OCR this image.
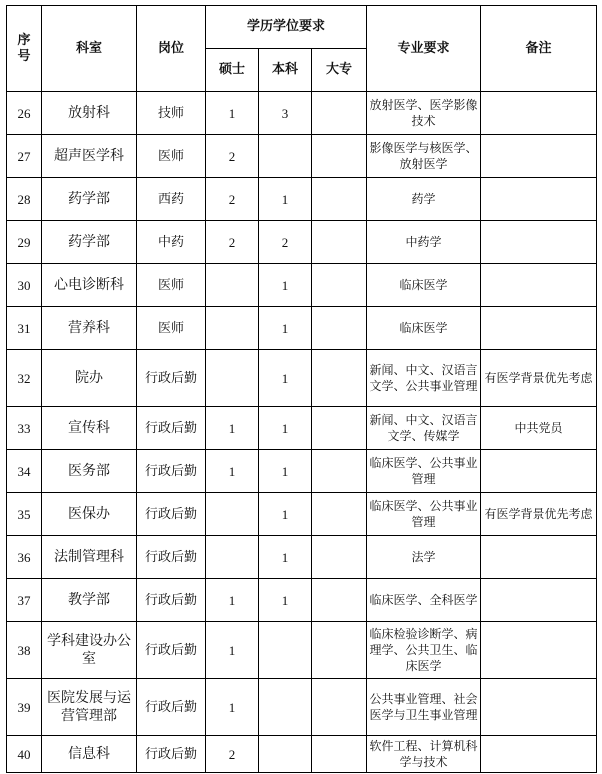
序号	科室	岗位	学历学位要求			专业要求	备注
			硕士	本科	大专		
26	放射科	技师	1	3		放射医学、医学影像技术	
27	超声医学科	医师	2			影像医学与核医学、放射医学	
28	药学部	西药	2	1		药学	
29	药学部	中药	2	2		中药学	
30	心电诊断科	医师		1		临床医学	
31	营养科	医师		1		临床医学	
32	院办	行政后勤		1		新闻、中文、汉语言文学、公共事业管理	有医学背景优先考虑
33	宣传科	行政后勤	1	1		新闻、中文、汉语言文学、传媒学	中共党员
34	医务部	行政后勤	1	1		临床医学、公共事业管理	
35	医保办	行政后勤		1		临床医学、公共事业管理	有医学背景优先考虑
36	法制管理科	行政后勤		1		法学	
37	教学部	行政后勤	1	1		临床医学、全科医学	
38	学科建设办公室	行政后勤	1			临床检验诊断学、病理学、公共卫生、临床医学	
39	医院发展与运营管理部	行政后勤	1			公共事业管理、社会医学与卫生事业管理	
40	信息科	行政后勤	2			软件工程、计算机科学与技术	
